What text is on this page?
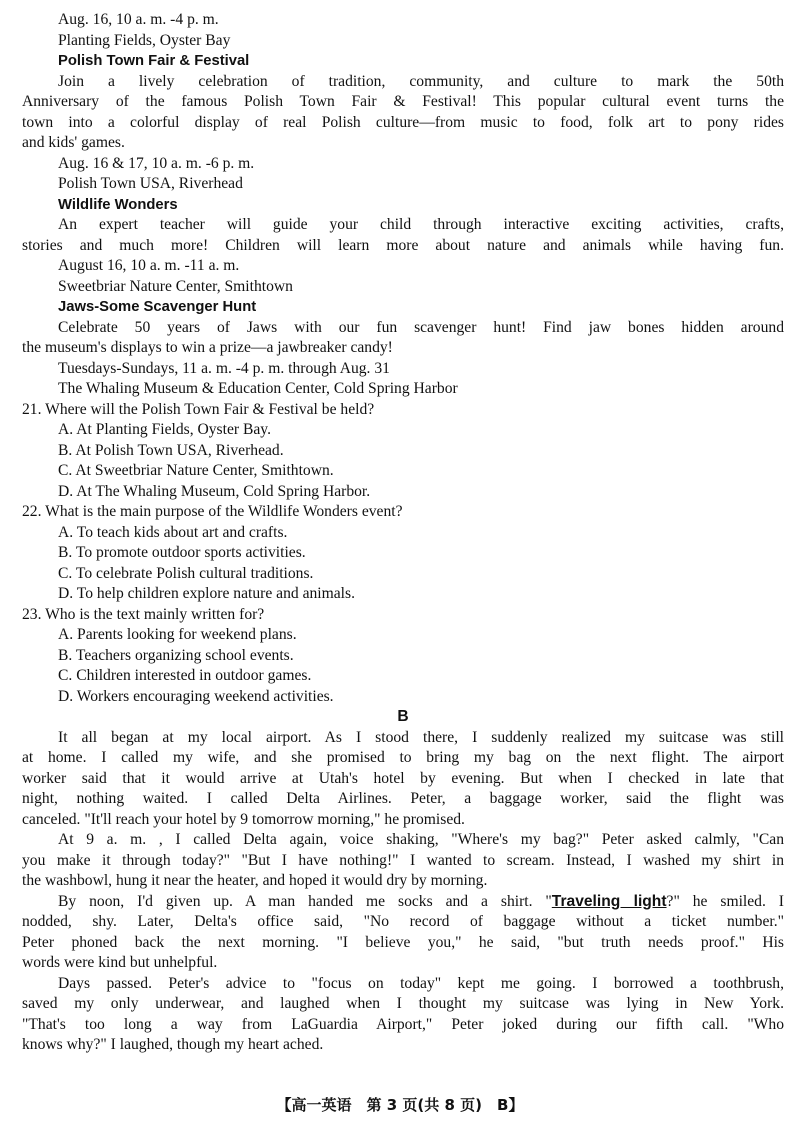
Aug. 16, 10 a. m. -4 p. m.
Planting Fields, Oyster Bay
Polish Town Fair & Festival
Join a lively celebration of tradition, community, and culture to mark the 50th
Anniversary of the famous Polish Town Fair & Festival! This popular cultural event turns the
town into a colorful display of real Polish culture—from music to food, folk art to pony rides
and kids' games.
Aug. 16 & 17, 10 a. m. -6 p. m.
Polish Town USA, Riverhead
Wildlife Wonders
An expert teacher will guide your child through interactive exciting activities, crafts,
stories and much more! Children will learn more about nature and animals while having fun.
August 16, 10 a. m. -11 a. m.
Sweetbriar Nature Center, Smithtown
Jaws-Some Scavenger Hunt
Celebrate 50 years of Jaws with our fun scavenger hunt! Find jaw bones hidden around
the museum's displays to win a prize—a jawbreaker candy!
Tuesdays-Sundays, 11 a. m. -4 p. m. through Aug. 31
The Whaling Museum & Education Center, Cold Spring Harbor
21. Where will the Polish Town Fair & Festival be held?
A. At Planting Fields, Oyster Bay.
B. At Polish Town USA, Riverhead.
C. At Sweetbriar Nature Center, Smithtown.
D. At The Whaling Museum, Cold Spring Harbor.
22. What is the main purpose of the Wildlife Wonders event?
A. To teach kids about art and crafts.
B. To promote outdoor sports activities.
C. To celebrate Polish cultural traditions.
D. To help children explore nature and animals.
23. Who is the text mainly written for?
A. Parents looking for weekend plans.
B. Teachers organizing school events.
C. Children interested in outdoor games.
D. Workers encouraging weekend activities.
B
It all began at my local airport. As I stood there, I suddenly realized my suitcase was still
at home. I called my wife, and she promised to bring my bag on the next flight. The airport
worker said that it would arrive at Utah's hotel by evening. But when I checked in late that
night, nothing waited. I called Delta Airlines. Peter, a baggage worker, said the flight was
canceled. "It'll reach your hotel by 9 tomorrow morning," he promised.
At 9 a. m. , I called Delta again, voice shaking, "Where's my bag?" Peter asked calmly, "Can
you make it through today?" "But I have nothing!" I wanted to scream. Instead, I washed my shirt in
the washbowl, hung it near the heater, and hoped it would dry by morning.
By noon, I'd given up. A man handed me socks and a shirt. "Traveling light?" he smiled. I
nodded, shy. Later, Delta's office said, "No record of baggage without a ticket number."
Peter phoned back the next morning. "I believe you," he said, "but truth needs proof." His
words were kind but unhelpful.
Days passed. Peter's advice to "focus on today" kept me going. I borrowed a toothbrush,
saved my only underwear, and laughed when I thought my suitcase was lying in New York.
"That's too long a way from LaGuardia Airport," Peter joked during our fifth call. "Who
knows why?" I laughed, though my heart ached.
【高一英语　第 3 页(共 8 页)　B】
